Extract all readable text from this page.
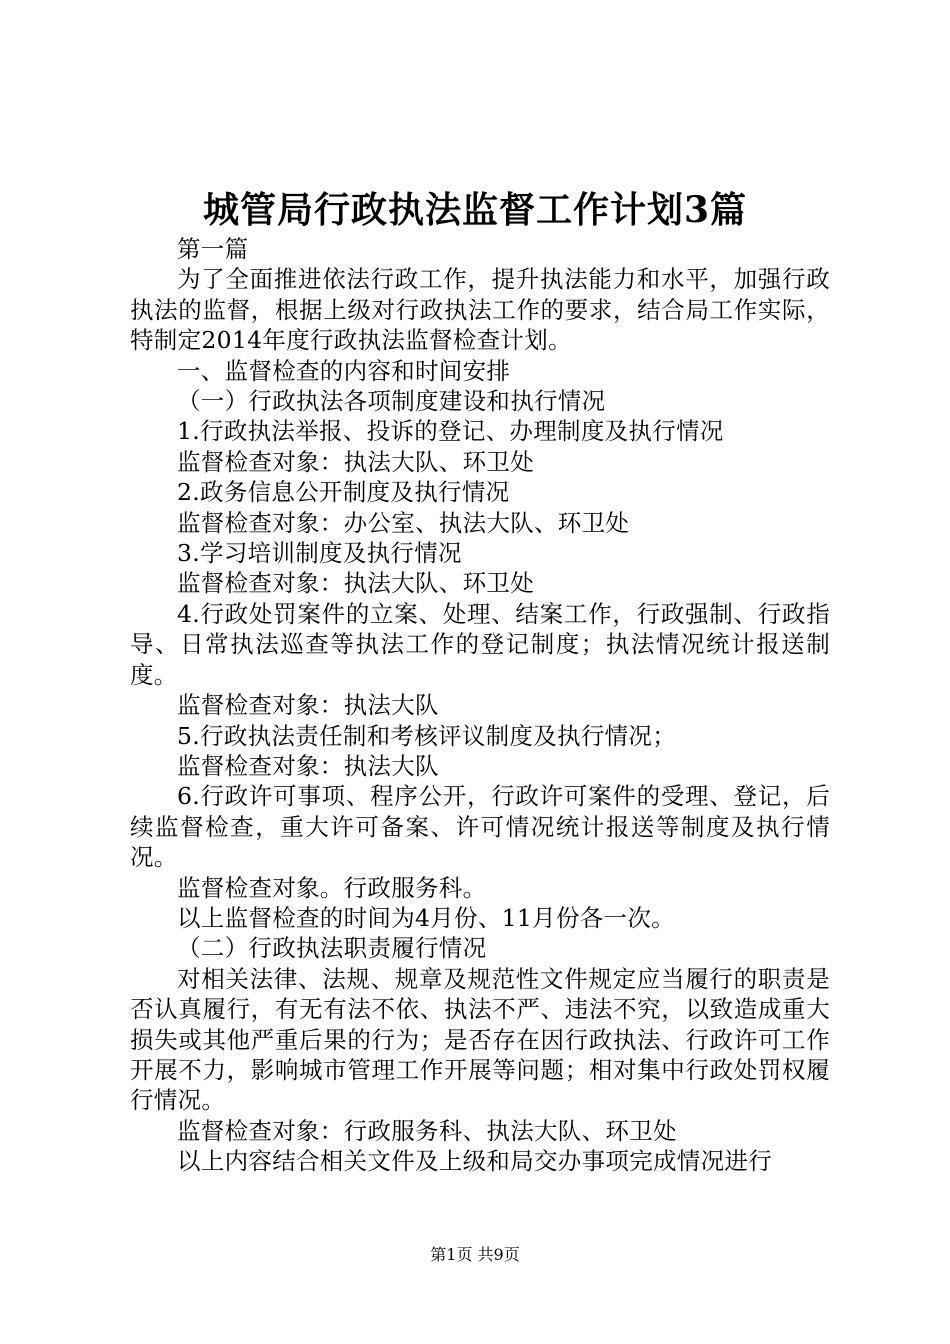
城管局行政执法监督工作计划3篇

第一篇

为了全面推进依法行政工作，提升执法能力和水平，加强行政执法的监督，根据上级对行政执法工作的要求，结合局工作实际，特制定2014年度行政执法监督检查计划。

一、监督检查的内容和时间安排

（一）行政执法各项制度建设和执行情况

1.行政执法举报、投诉的登记、办理制度及执行情况

监督检查对象：执法大队、环卫处

2.政务信息公开制度及执行情况

监督检查对象：办公室、执法大队、环卫处

3.学习培训制度及执行情况

监督检查对象：执法大队、环卫处

4.行政处罚案件的立案、处理、结案工作，行政强制、行政指导、日常执法巡查等执法工作的登记制度；执法情况统计报送制度。

监督检查对象：执法大队

5.行政执法责任制和考核评议制度及执行情况；

监督检查对象：执法大队

6.行政许可事项、程序公开，行政许可案件的受理、登记，后续监督检查，重大许可备案、许可情况统计报送等制度及执行情况。

监督检查对象。行政服务科。

以上监督检查的时间为4月份、11月份各一次。

（二）行政执法职责履行情况

对相关法律、法规、规章及规范性文件规定应当履行的职责是否认真履行，有无有法不依、执法不严、违法不究，以致造成重大损失或其他严重后果的行为；是否存在因行政执法、行政许可工作开展不力，影响城市管理工作开展等问题；相对集中行政处罚权履行情况。

监督检查对象：行政服务科、执法大队、环卫处

以上内容结合相关文件及上级和局交办事项完成情况进行

第1页 共9页
